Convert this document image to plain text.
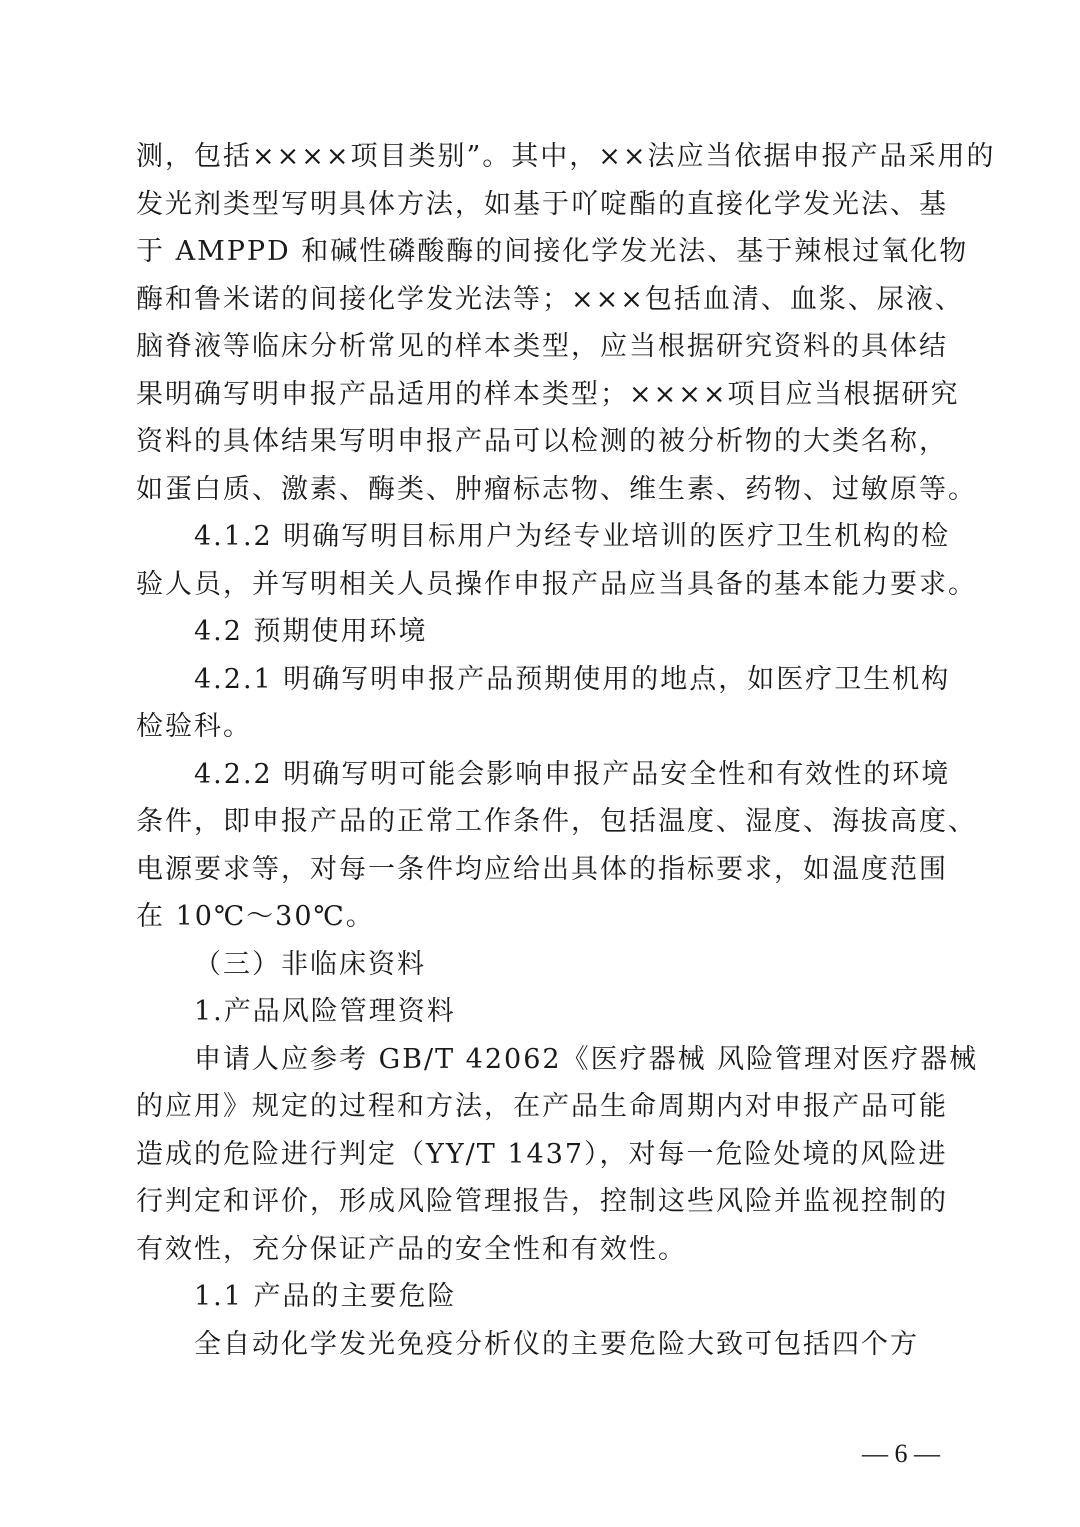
测，包括××××项目类别”。其中，××法应当依据申报产品采用的
发光剂类型写明具体方法，如基于吖啶酯的直接化学发光法、基
于 AMPPD 和碱性磷酸酶的间接化学发光法、基于辣根过氧化物
酶和鲁米诺的间接化学发光法等；×××包括血清、血浆、尿液、
脑脊液等临床分析常见的样本类型，应当根据研究资料的具体结
果明确写明申报产品适用的样本类型；××××项目应当根据研究
资料的具体结果写明申报产品可以检测的被分析物的大类名称，
如蛋白质、激素、酶类、肿瘤标志物、维生素、药物、过敏原等。

4.1.2 明确写明目标用户为经专业培训的医疗卫生机构的检
验人员，并写明相关人员操作申报产品应当具备的基本能力要求。

4.2 预期使用环境

4.2.1 明确写明申报产品预期使用的地点，如医疗卫生机构
检验科。

4.2.2 明确写明可能会影响申报产品安全性和有效性的环境
条件，即申报产品的正常工作条件，包括温度、湿度、海拔高度、
电源要求等，对每一条件均应给出具体的指标要求，如温度范围
在 10℃～30℃。

（三）非临床资料

1.产品风险管理资料

申请人应参考 GB/T 42062《医疗器械 风险管理对医疗器械
的应用》规定的过程和方法，在产品生命周期内对申报产品可能
造成的危险进行判定（YY/T 1437），对每一危险处境的风险进
行判定和评价，形成风险管理报告，控制这些风险并监视控制的
有效性，充分保证产品的安全性和有效性。

1.1 产品的主要危险

全自动化学发光免疫分析仪的主要危险大致可包括四个方

— 6 —
